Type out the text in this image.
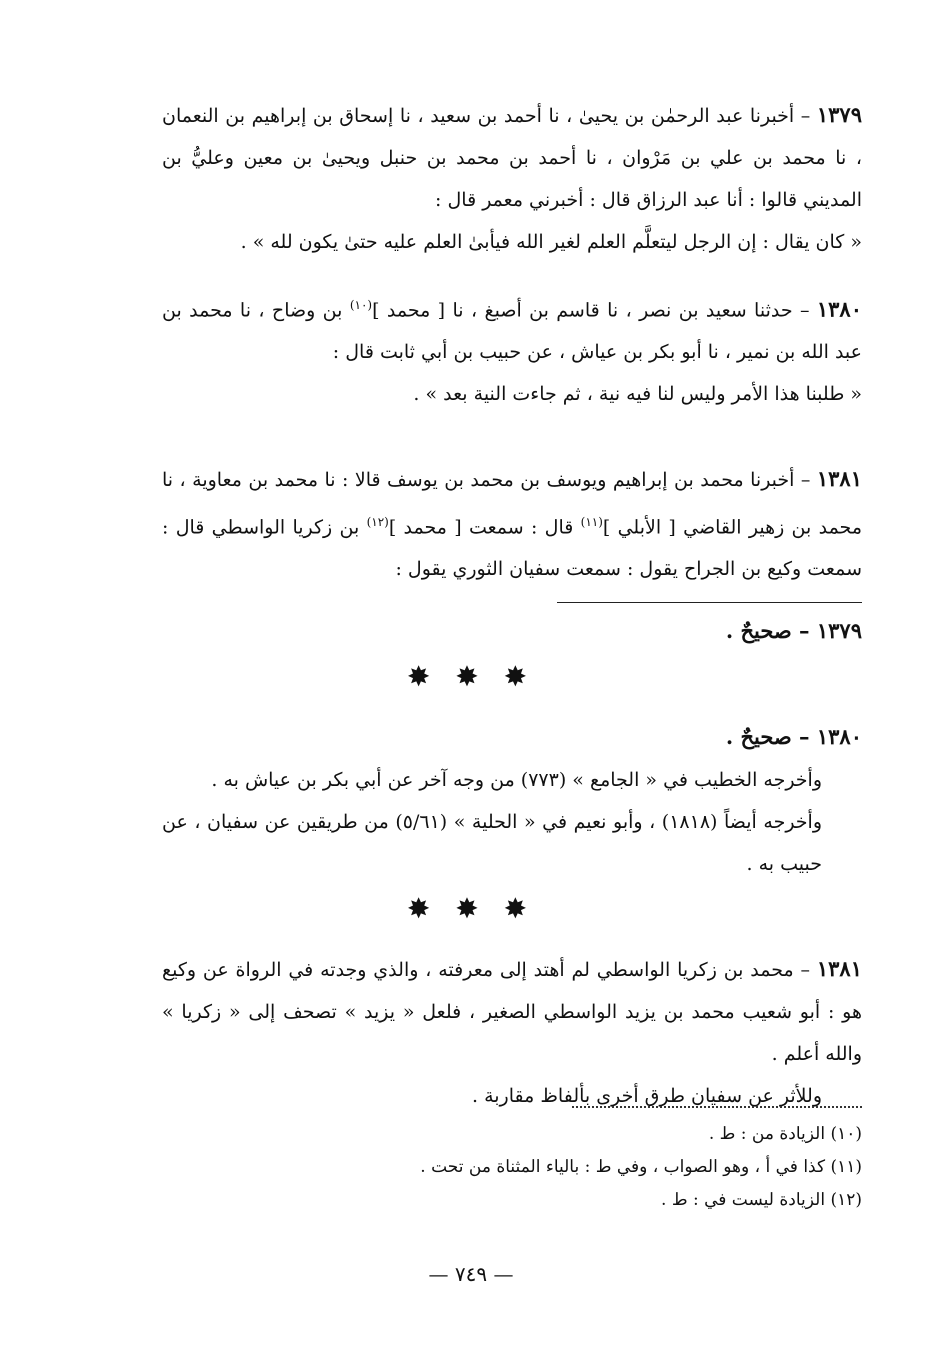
١٣٧٩ – أخبرنا عبد الرحمٰن بن يحيىٰ ، نا أحمد بن سعيد ، نا إسحاق بن إبراهيم بن النعمان ، نا محمد بن علي بن مَرْوان ، نا أحمد بن محمد بن حنبل ويحيىٰ بن معين وعليُّ بن المديني قالوا : أنا عبد الرزاق قال : أخبرني معمر قال :

« كان يقال : إن الرجل ليتعلَّم العلم لغير الله فيأبىٰ العلم عليه حتىٰ يكون لله » .

١٣٨٠ – حدثنا سعيد بن نصر ، نا قاسم بن أصبغ ، نا [ محمد ]$^{(١٠)}$ بن وضاح ، نا محمد بن عبد الله بن نمير ، نا أبو بكر بن عياش ، عن حبيب بن أبي ثابت قال :

« طلبنا هذا الأمر وليس لنا فيه نية ، ثم جاءت النية بعد » .

١٣٨١ – أخبرنا محمد بن إبراهيم ويوسف بن محمد بن يوسف قالا : نا محمد بن معاوية ، نا محمد بن زهير القاضي [ الأبلي ]$^{(١١)}$ قال : سمعت [ محمد ]$^{(١٢)}$ بن زكريا الواسطي قال : سمعت وكيع بن الجراح يقول : سمعت سفيان الثوري يقول :

١٣٧٩ – صحيحٌ .

✸ ✸ ✸

١٣٨٠ – صحيحٌ .

وأخرجه الخطيب في « الجامع » (٧٧٣) من وجه آخر عن أبي بكر بن عياش به .

وأخرجه أيضاً (١٨١٨) ، وأبو نعيم في « الحلية » (٥/٦١) من طريقين عن سفيان ، عن حبيب به .

✸ ✸ ✸

١٣٨١ – محمد بن زكريا الواسطي لم أهتد إلى معرفته ، والذي وجدته في الرواة عن وكيع هو : أبو شعيب محمد بن يزيد الواسطي الصغير ، فلعل « يزيد » تصحف إلى « زكريا » والله أعلم .

وللأثر عن سفيان طرق أخرى بألفاظ مقاربة .

(١٠) الزيادة من : ط .

(١١) كذا في أ ، وهو الصواب ، وفي ط : بالياء المثناة من تحت .

(١٢) الزيادة ليست في : ط .

— ٧٤٩ —
